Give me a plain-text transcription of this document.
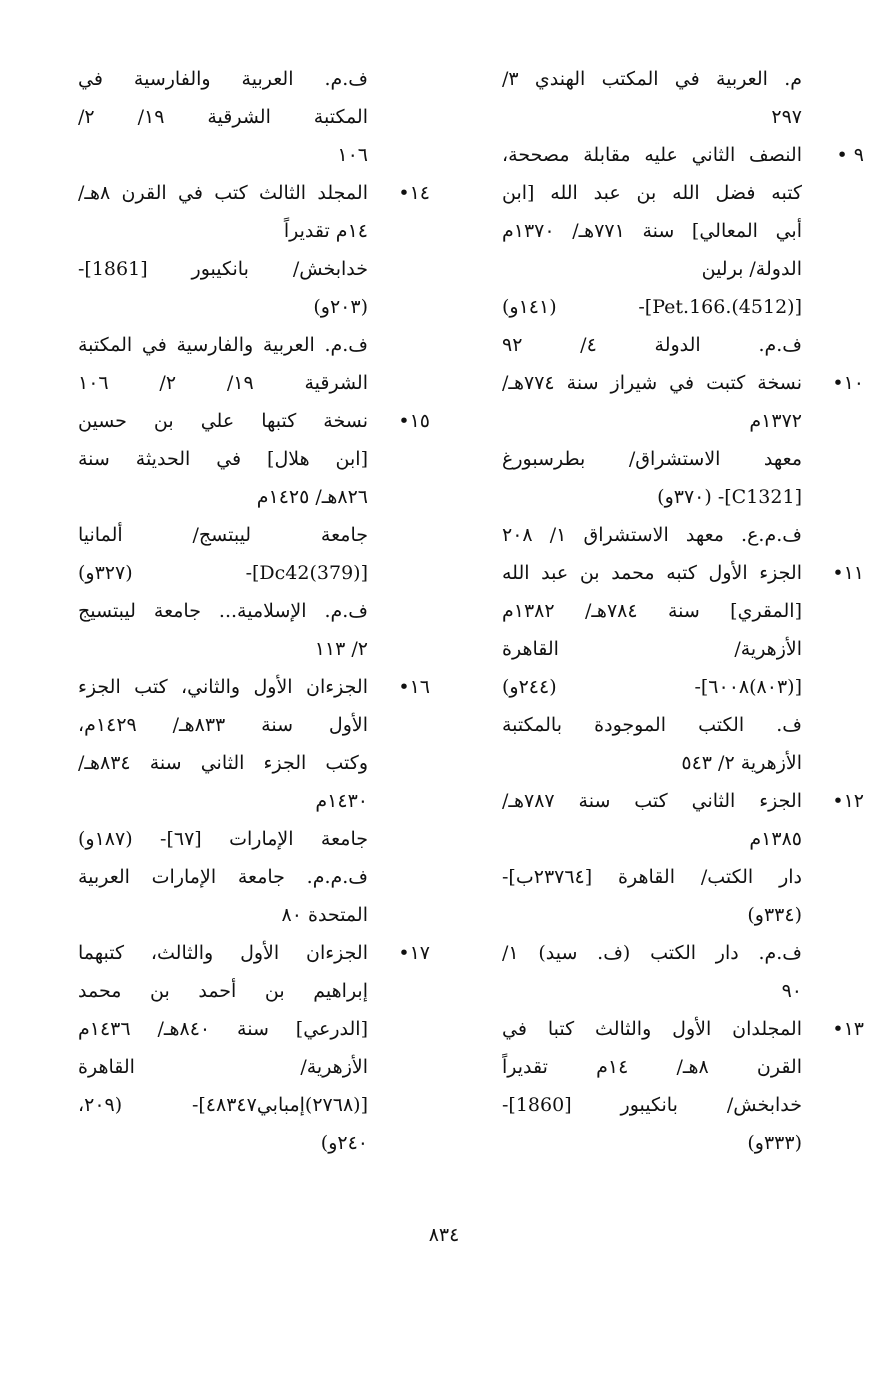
م. العربية في المكتب الهندي ٣/
٢٩٧
٩ •
النصف الثاني عليه مقابلة مصححة،
كتبه فضل الله بن عبد الله [ابن
أبي المعالي] سنة ٧٧١هـ/ ١٣٧٠م
الدولة/ برلين
[Pet.166.(4512)]- (١٤١و)
ف.م. الدولة ٤/ ٩٢
١٠•
نسخة كتبت في شيراز سنة ٧٧٤هـ/
١٣٧٢م
معهد الاستشراق/ بطرسبورغ
[C1321]- (٣٧٠و)
ف.م.ع. معهد الاستشراق ١/ ٢٠٨
١١•
الجزء الأول كتبه محمد بن عبد الله
[المقري] سنة ٧٨٤هـ/ ١٣٨٢م
الأزهرية/ القاهرة
[(٨٠٣)٦٠٠٨]- (٢٤٤و)
ف. الكتب الموجودة بالمكتبة
الأزهرية ٢/ ٥٤٣
١٢•
الجزء الثاني كتب سنة ٧٨٧هـ/
١٣٨٥م
دار الكتب/ القاهرة [٢٣٧٦٤ب]-
(٣٣٤و)
ف.م. دار الكتب (ف. سيد) ١/
٩٠
١٣•
المجلدان الأول والثالث كتبا في
القرن ٨هـ/ ١٤م تقديراً
خدابخش/ بانكيبور [1860]-
(٣٣٣و)
ف.م. العربية والفارسية في
المكتبة الشرقية ١٩/ ٢/
١٠٦
١٤•
المجلد الثالث كتب في القرن ٨هـ/
١٤م تقديراً
خدابخش/ بانكيبور [1861]-
(٢٠٣و)
ف.م. العربية والفارسية في المكتبة
الشرقية ١٩/ ٢/ ١٠٦
١٥•
نسخة كتبها علي بن حسين
[ابن هلال] في الحديثة سنة
٨٢٦هـ/ ١٤٢٥م
جامعة ليبتسج/ ألمانيا
[Dc42(379)]- (٣٢٧و)
ف.م. الإسلامية... جامعة ليبتسيج
٢/ ١١٣
١٦•
الجزءان الأول والثاني، كتب الجزء
الأول سنة ٨٣٣هـ/ ١٤٢٩م،
وكتب الجزء الثاني سنة ٨٣٤هـ/
١٤٣٠م
جامعة الإمارات [٦٧]- (١٨٧و)
ف.م.م. جامعة الإمارات العربية
المتحدة ٨٠
١٧•
الجزءان الأول والثالث، كتبهما
إبراهيم بن أحمد بن محمد
[الدرعي] سنة ٨٤٠هـ/ ١٤٣٦م
الأزهرية/ القاهرة
[(٢٧٦٨)إمبابي٤٨٣٤٧]- (٢٠٩،
٢٤٠و)
٨٣٤
